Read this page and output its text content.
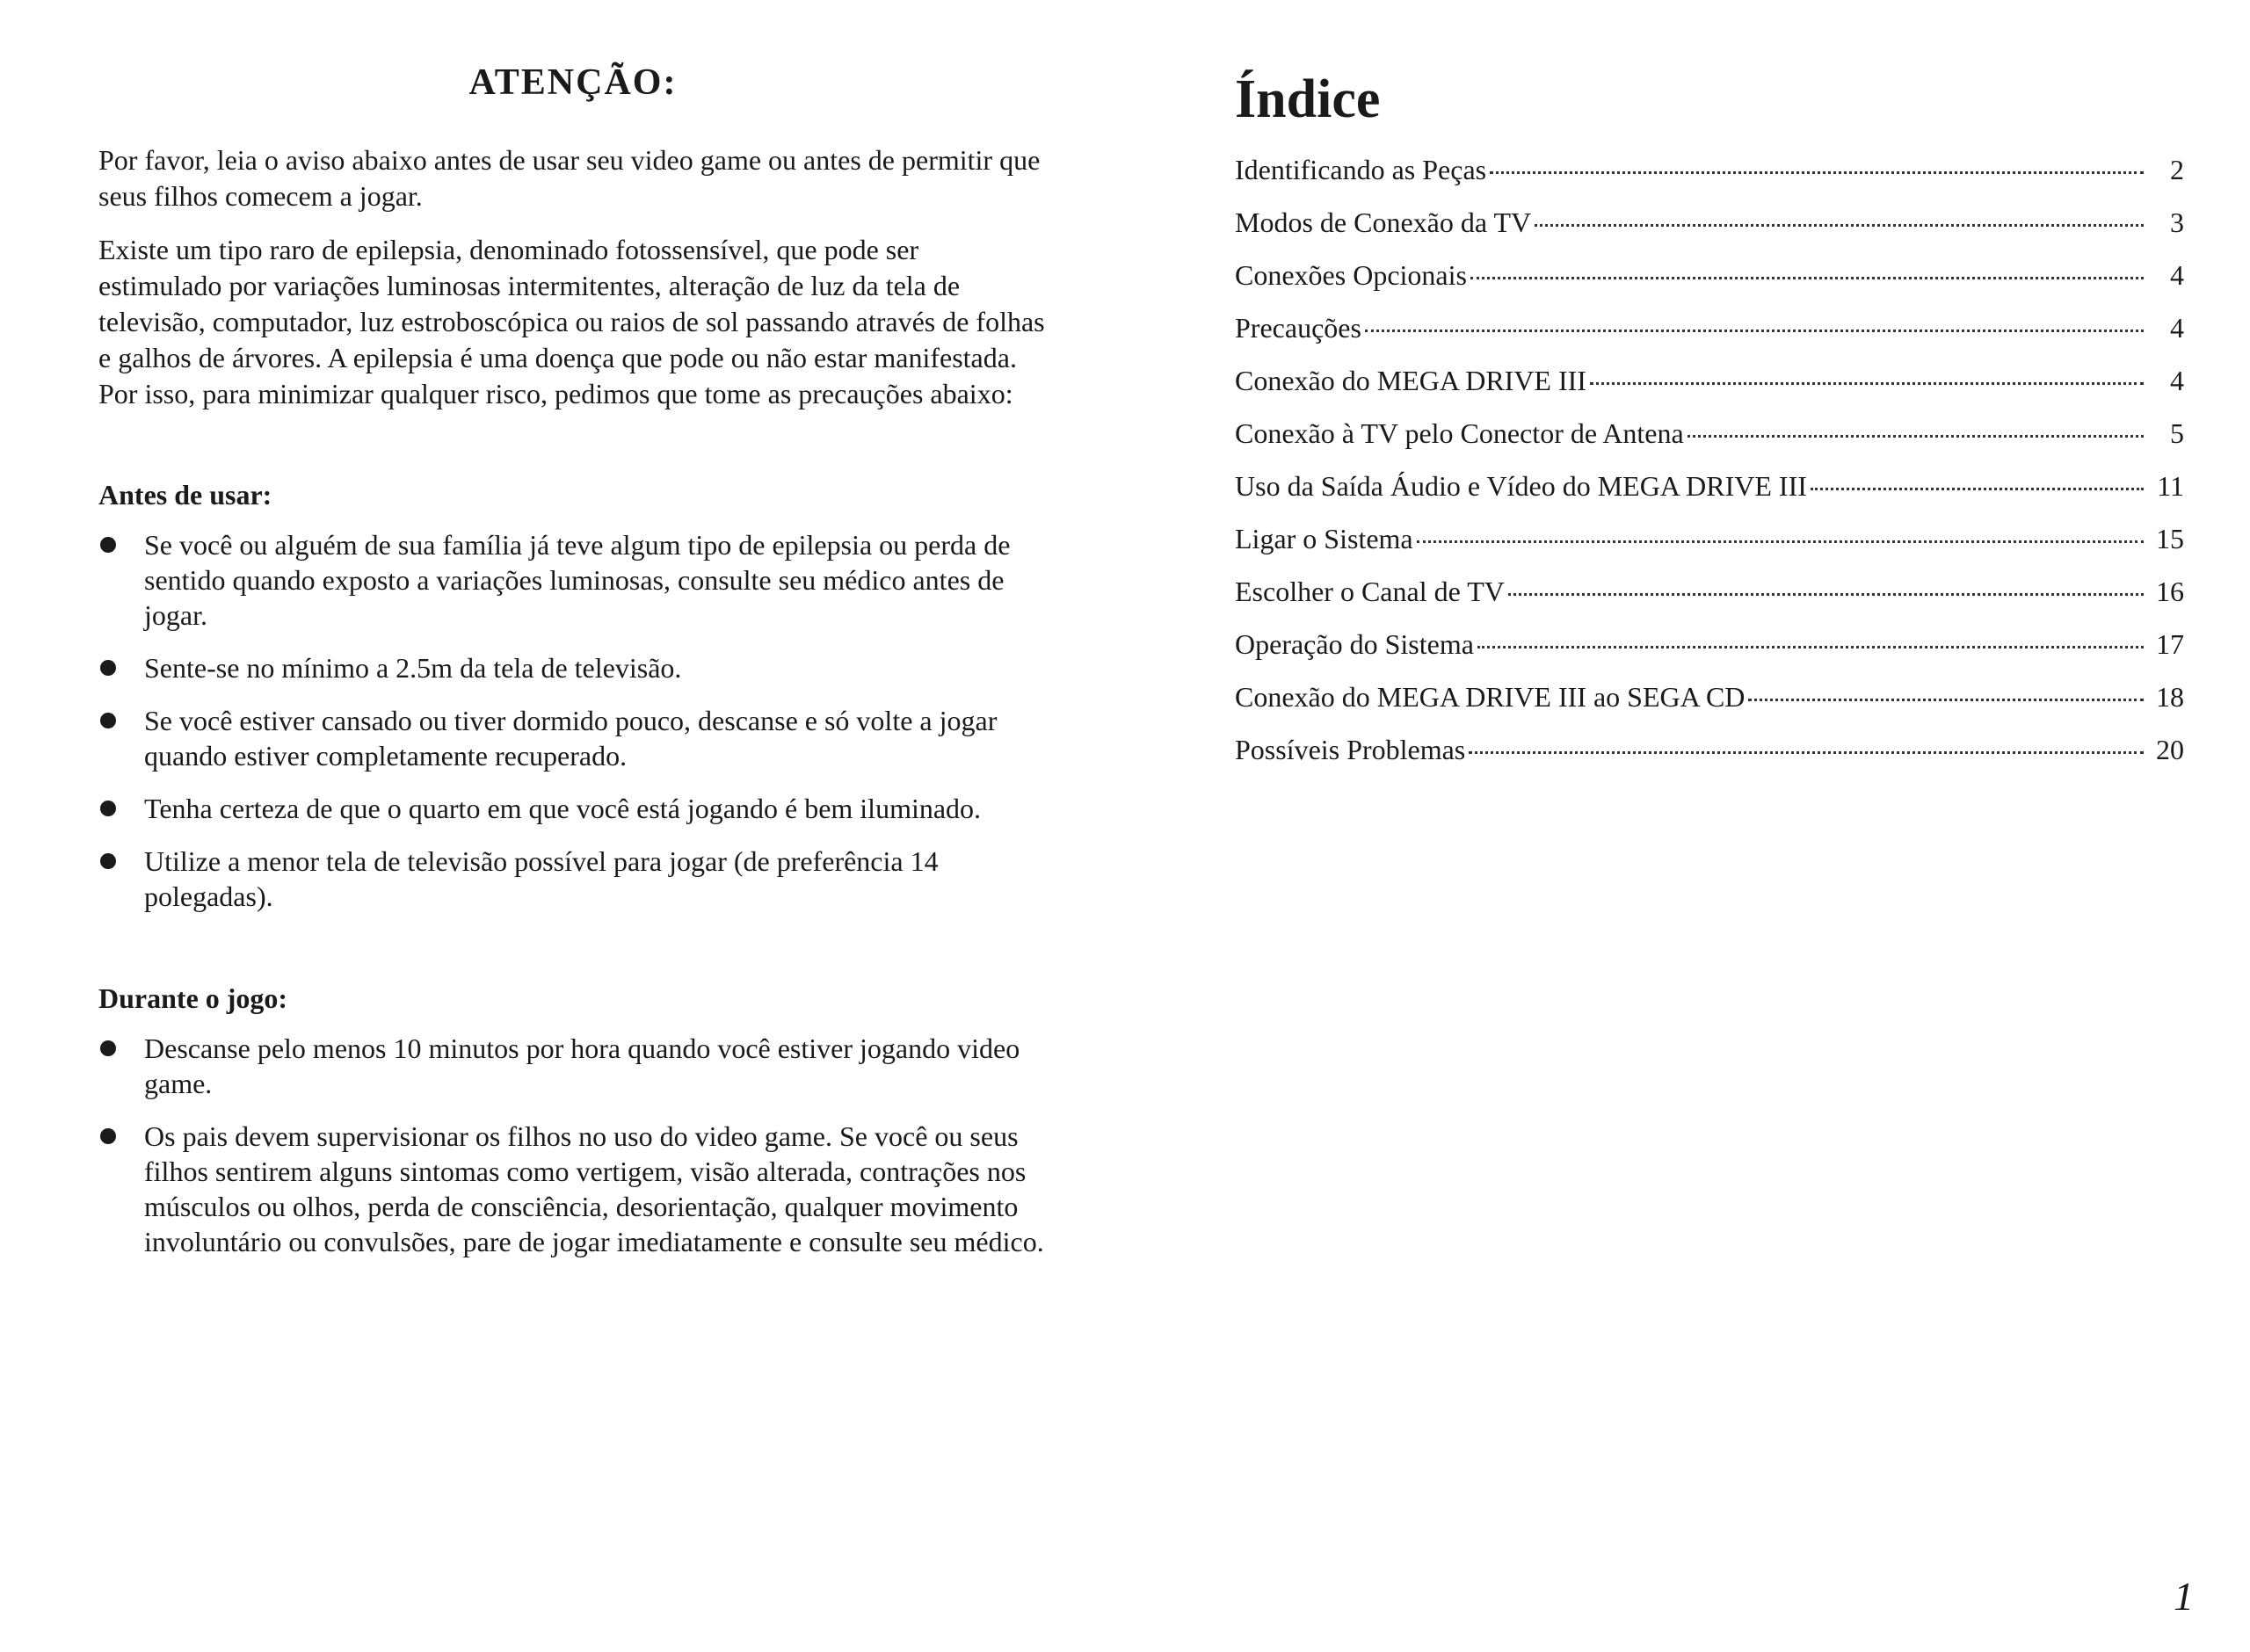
ATENÇÃO:

Por favor, leia o aviso abaixo antes de usar seu video game ou antes de permitir que seus filhos comecem a jogar.

Existe um tipo raro de epilepsia, denominado fotossensível, que pode ser estimulado por variações luminosas intermitentes, alteração de luz da tela de televisão, computador, luz estroboscópica ou raios de sol passando através de folhas e galhos de árvores. A epilepsia é uma doença que pode ou não estar manifestada. Por isso, para minimizar qualquer risco, pedimos que tome as precauções abaixo:

Antes de usar:
Se você ou alguém de sua família já teve algum tipo de epilepsia ou perda de sentido quando exposto a variações luminosas, consulte seu médico antes de jogar.
Sente-se no mínimo a 2.5m da tela de televisão.
Se você estiver cansado ou tiver dormido pouco, descanse e só volte a jogar quando estiver completamente recuperado.
Tenha certeza de que o quarto em que você está jogando é bem iluminado.
Utilize a menor tela de televisão possível para jogar (de preferência 14 polegadas).
Durante o jogo:
Descanse pelo menos 10 minutos por hora quando você estiver jogando video game.
Os pais devem supervisionar os filhos no uso do video game. Se você ou seus filhos sentirem alguns sintomas como vertigem, visão alterada, contrações nos músculos ou olhos, perda de consciência, desorientação, qualquer movimento involuntário ou convulsões, pare de jogar imediatamente e consulte seu médico.
Índice
Identificando as Peças	2
Modos de Conexão da TV	3
Conexões Opcionais	4
Precauções	4
Conexão do MEGA DRIVE III	4
Conexão à TV pelo Conector de Antena	5
Uso da Saída Áudio e Vídeo do MEGA DRIVE III	11
Ligar o Sistema	15
Escolher o Canal de TV	16
Operação do Sistema	17
Conexão do MEGA DRIVE III ao SEGA CD	18
Possíveis Problemas	20
1
